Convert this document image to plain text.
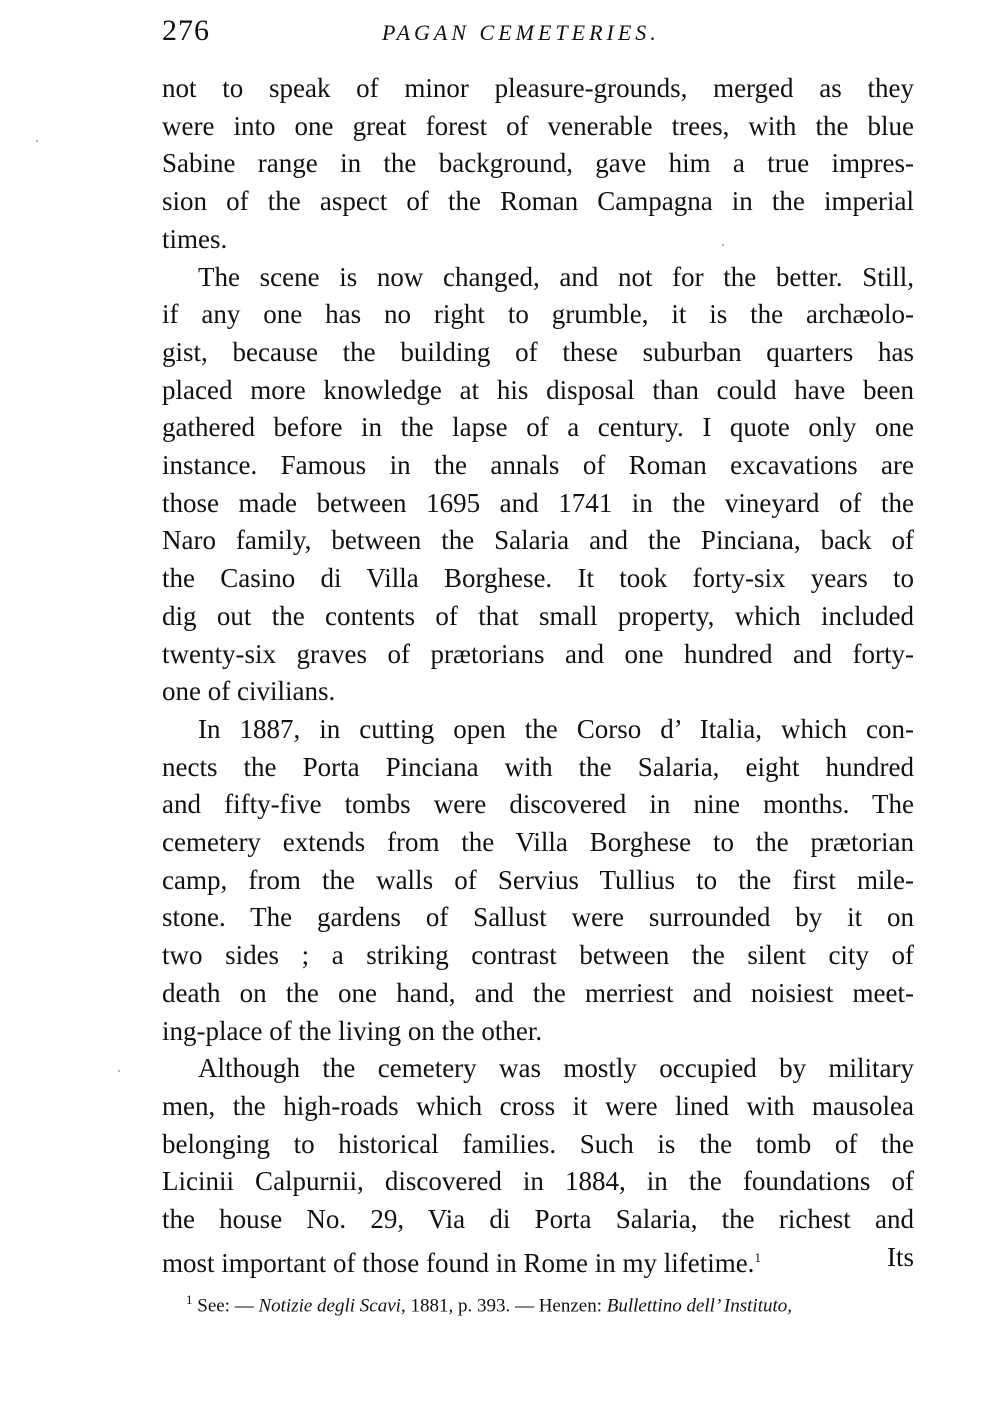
276	PAGAN CEMETERIES.

not to speak of minor pleasure-grounds, merged as they
were into one great forest of venerable trees, with the blue
Sabine range in the background, gave him a true impres-
sion of the aspect of the Roman Campagna in the imperial
times.

The scene is now changed, and not for the better. Still,
if any one has no right to grumble, it is the archæolo-
gist, because the building of these suburban quarters has
placed more knowledge at his disposal than could have been
gathered before in the lapse of a century. I quote only one
instance. Famous in the annals of Roman excavations are
those made between 1695 and 1741 in the vineyard of the
Naro family, between the Salaria and the Pinciana, back of
the Casino di Villa Borghese. It took forty-six years to
dig out the contents of that small property, which included
twenty-six graves of prætorians and one hundred and forty-
one of civilians.

In 1887, in cutting open the Corso d’ Italia, which con-
nects the Porta Pinciana with the Salaria, eight hundred
and fifty-five tombs were discovered in nine months. The
cemetery extends from the Villa Borghese to the prætorian
camp, from the walls of Servius Tullius to the first mile-
stone. The gardens of Sallust were surrounded by it on
two sides ; a striking contrast between the silent city of
death on the one hand, and the merriest and noisiest meet-
ing-place of the living on the other.

Although the cemetery was mostly occupied by military
men, the high-roads which cross it were lined with mausolea
belonging to historical families. Such is the tomb of the
Licinii Calpurnii, discovered in 1884, in the foundations of
the house No. 29, Via di Porta Salaria, the richest and
most important of those found in Rome in my lifetime.$^1$	Its

$^1$ See: — Notizie degli Scavi, 1881, p. 393. — Henzen: Bullettino dell’ Instituto,
